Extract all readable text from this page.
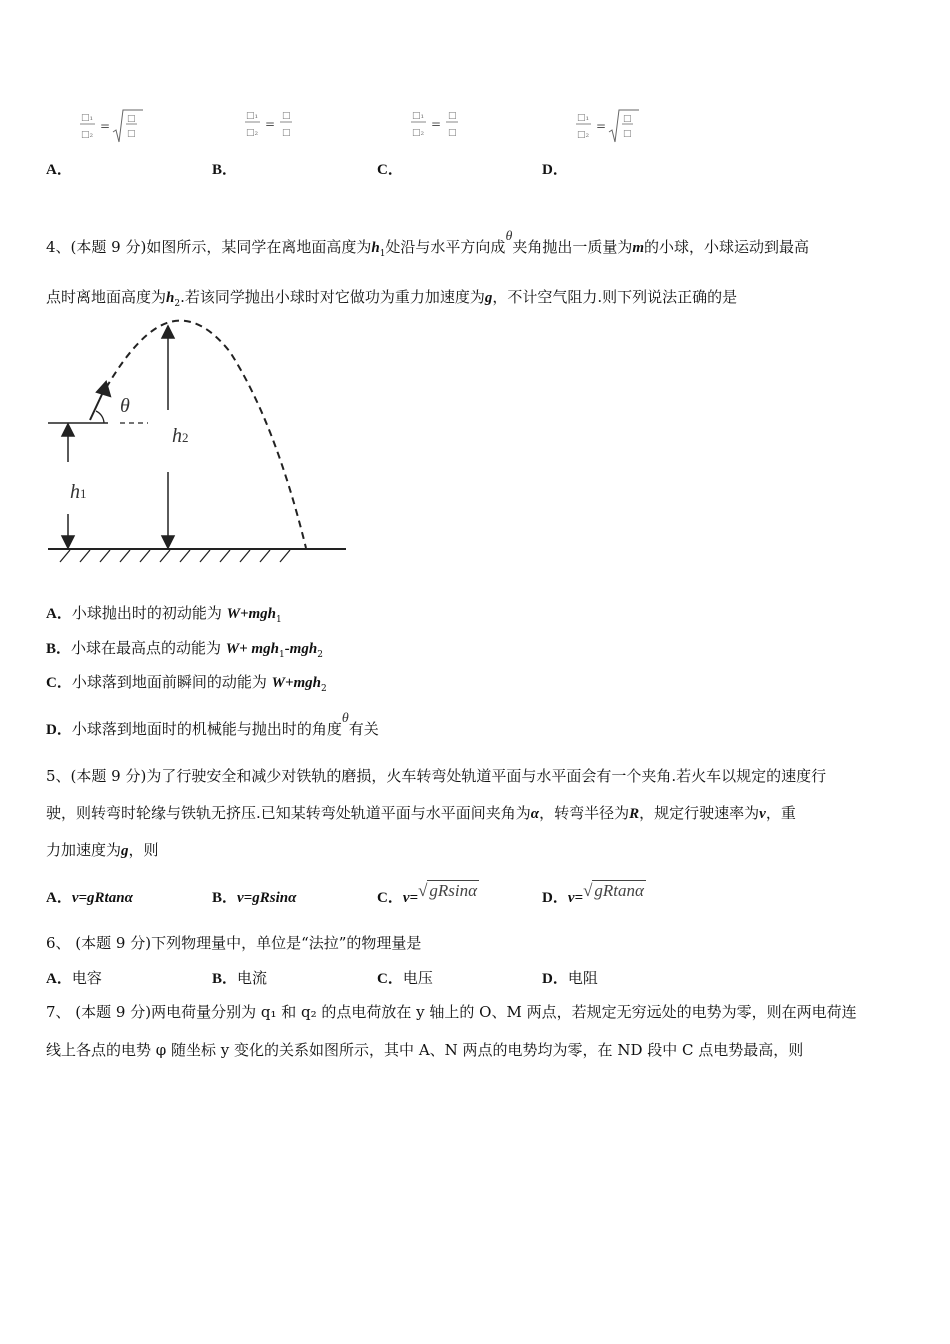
A．
□₁
□₂
= □
□
B．
□₁
□₂
=
□
□
C．
□₁
□₂
=
□
□
D．
□₁
□₂
= □
□
4、(本题 9 分)如图所示，某同学在离地面高度为$h_1$处沿与水平方向成θ夹角抛出一质量为m的小球，小球运动到最高
点时离地面高度为$h_2$.若该同学抛出小球时对它做功为重力加速度为g，不计空气阻力.则下列说法正确的是
h1
h2
θ
A．小球抛出时的初动能为 W+mgh$_1$
B．小球在最高点的动能为 W+ mgh$_1$-mgh$_2$
C．小球落到地面前瞬间的动能为 W+mgh$_2$
D．小球落到地面时的机械能与抛出时的角度θ有关
5、(本题 9 分)为了行驶安全和减少对铁轨的磨损，火车转弯处轨道平面与水平面会有一个夹角.若火车以规定的速度行
驶，则转弯时轮缘与铁轨无挤压.已知某转弯处轨道平面与水平面间夹角为α，转弯半径为R，规定行驶速率为v，重
力加速度为g，则
A．v=gRtanα	B．v=gRsinα	C．v=√ gRsinα	D．v=√ gRtanα
6、 (本题 9 分)下列物理量中，单位是“法拉”的物理量是
A．电容	B．电流	C．电压	D．电阻
7、 (本题 9 分)两电荷量分别为 q₁ 和 q₂ 的点电荷放在 y 轴上的 O、M 两点，若规定无穷远处的电势为零，则在两电荷连
线上各点的电势 φ 随坐标 y 变化的关系如图所示，其中 A、N 两点的电势均为零，在 ND 段中 C 点电势最高，则
